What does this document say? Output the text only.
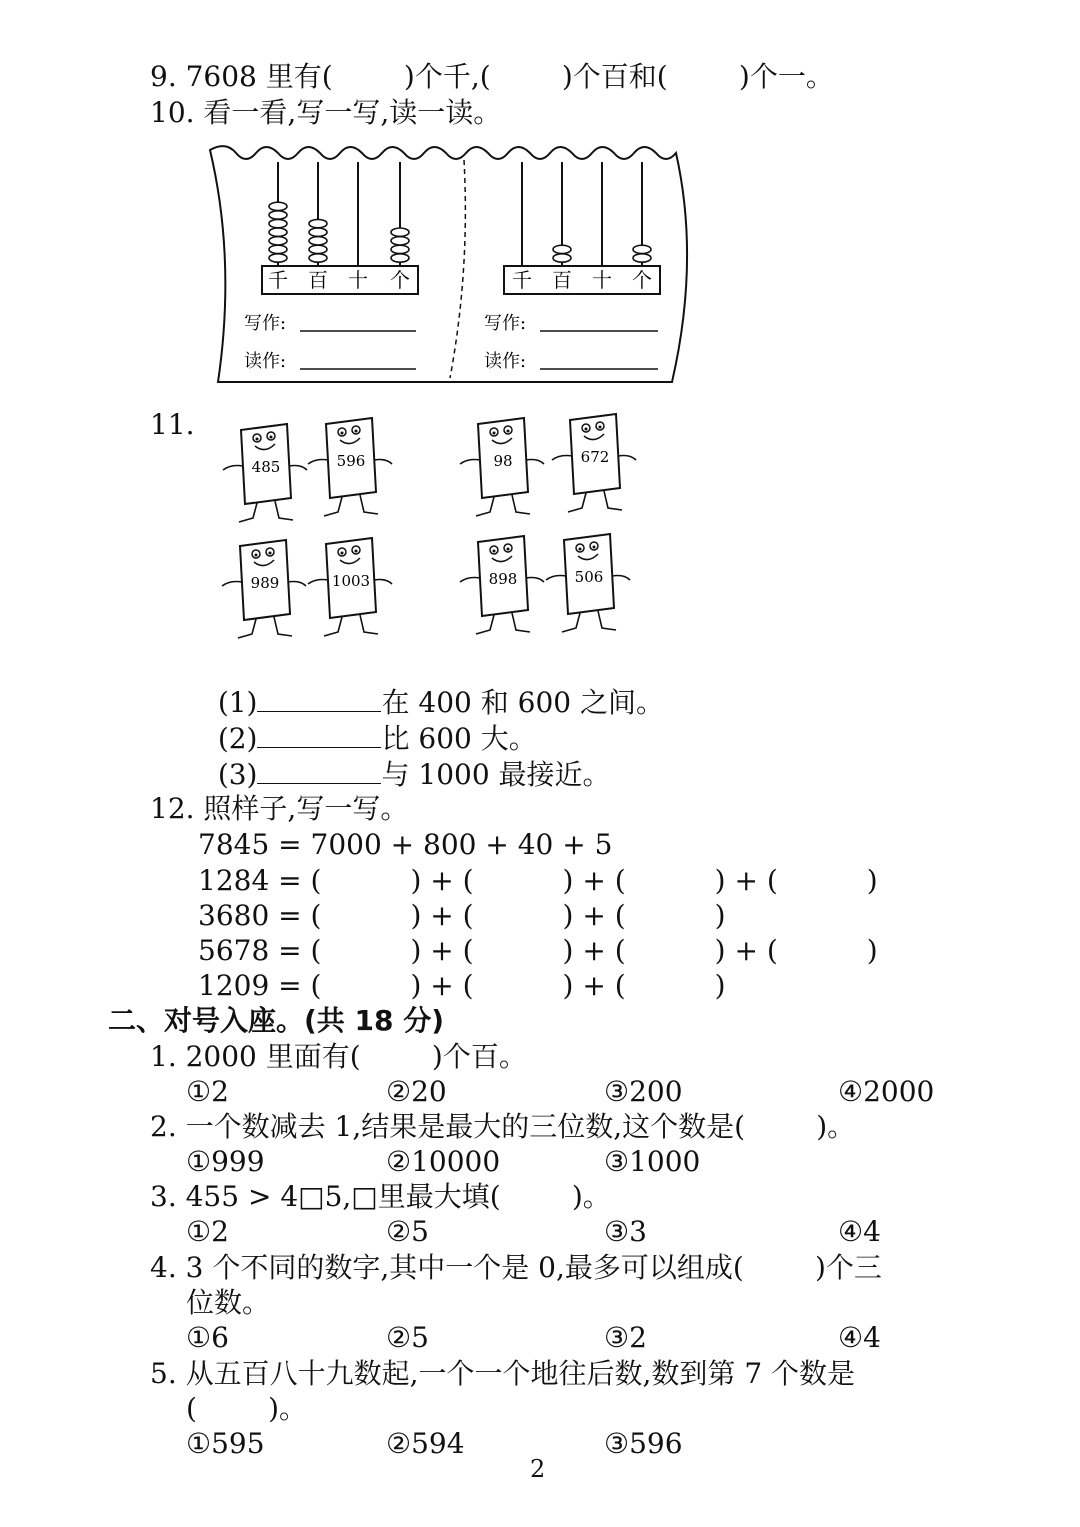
9. 7608 里有(        )个千,(        )个百和(        )个一。
10. 看一看,写一写,读一读。
千 百 十 个	千 百 十 个
写作:
读作:
写作:
读作:
485	596	98	672
989	1003	898	506
11.

(1)	在 400 和 600 之间。

(2)	比 600 大。

(3)	与 1000 最接近。

12. 照样子,写一写。
7845 = 7000 + 800 + 40 + 5
1284 = (          ) + (          ) + (          ) + (          )
3680 = (          ) + (          ) + (          )
5678 = (          ) + (          ) + (          ) + (          )
1209 = (          ) + (          ) + (          )
二、对号入座。(共 18 分)
1. 2000 里面有(        )个百。
①2	②20	③200	④2000
2. 一个数减去 1,结果是最大的三位数,这个数是(        )。
①999	②10000	③1000
3. 455 > 4□5,□里最大填(        )。
①2	②5	③3	④4
4. 3 个不同的数字,其中一个是 0,最多可以组成(        )个三
位数。
①6	②5	③2	④4
5. 从五百八十九数起,一个一个地往后数,数到第 7 个数是
(        )。
①595	②594	③596
2
